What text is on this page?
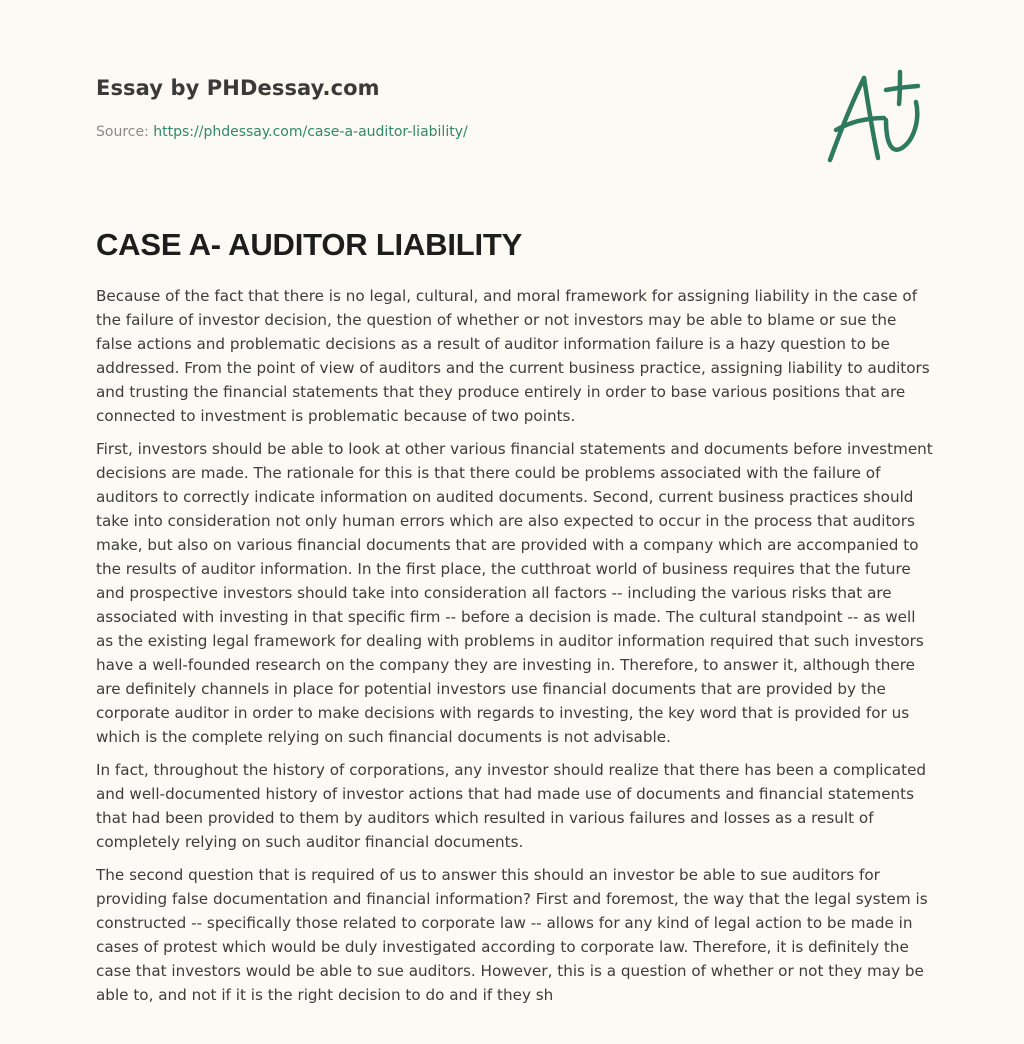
Essay by PHDessay.com
Source: https://phdessay.com/case-a-auditor-liability/
CASE A- AUDITOR LIABILITY

Because of the fact that there is no legal, cultural, and moral framework for assigning liability in the case of the failure of investor decision, the question of whether or not investors may be able to blame or sue the false actions and problematic decisions as a result of auditor information failure is a hazy question to be addressed. From the point of view of auditors and the current business practice, assigning liability to auditors and trusting the financial statements that they produce entirely in order to base various positions that are connected to investment is problematic because of two points.

First, investors should be able to look at other various financial statements and documents before investment decisions are made. The rationale for this is that there could be problems associated with the failure of auditors to correctly indicate information on audited documents. Second, current business practices should take into consideration not only human errors which are also expected to occur in the process that auditors make, but also on various financial documents that are provided with a company which are accompanied to the results of auditor information. In the first place, the cutthroat world of business requires that the future and prospective investors should take into consideration all factors -- including the various risks that are associated with investing in that specific firm -- before a decision is made. The cultural standpoint -- as well as the existing legal framework for dealing with problems in auditor information required that such investors have a well-founded research on the company they are investing in. Therefore, to answer it, although there are definitely channels in place for potential investors use financial documents that are provided by the corporate auditor in order to make decisions with regards to investing, the key word that is provided for us which is the complete relying on such financial documents is not advisable.

In fact, throughout the history of corporations, any investor should realize that there has been a complicated and well-documented history of investor actions that had made use of documents and financial statements that had been provided to them by auditors which resulted in various failures and losses as a result of completely relying on such auditor financial documents.

The second question that is required of us to answer this should an investor be able to sue auditors for providing false documentation and financial information? First and foremost, the way that the legal system is constructed -- specifically those related to corporate law -- allows for any kind of legal action to be made in cases of protest which would be duly investigated according to corporate law. Therefore, it is definitely the case that investors would be able to sue auditors. However, this is a question of whether or not they may be able to, and not if it is the right decision to do and if they sh
